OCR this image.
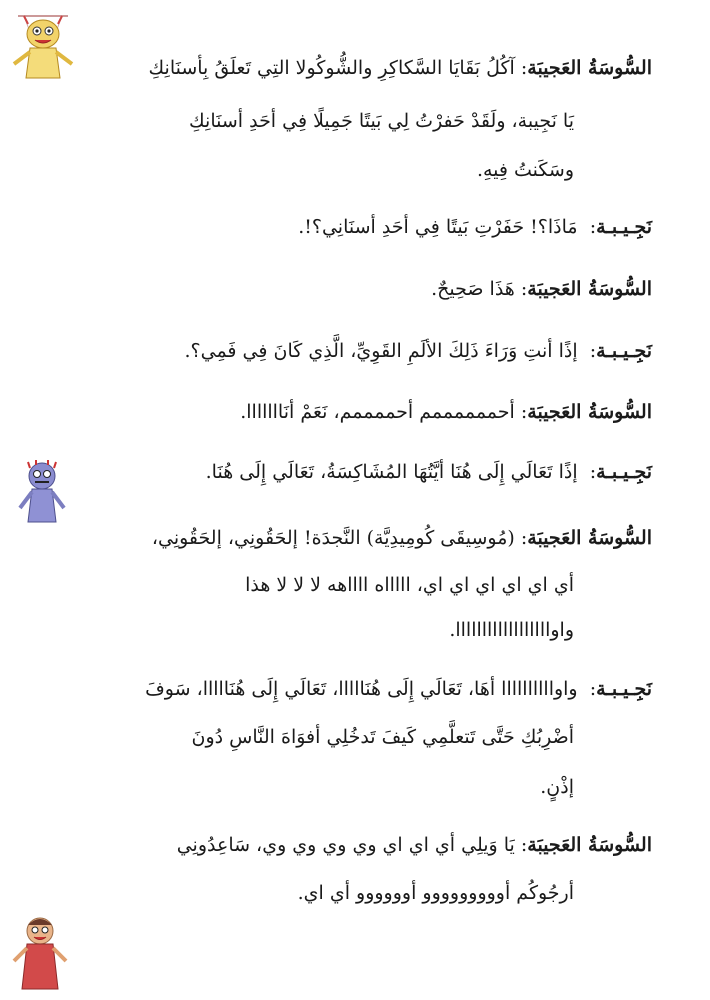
السُّوسَةُ العَجيبَة: آكُلُ بَقَايَا السَّكاكِرِ والشُّوكُولا التِي تَعلَقُ بِأسنَانِكِ
يَا نَجِيبة، ولَقَدْ حَفرْتُ لِي بَيتًا جَمِيلًا فِي أحَدِ أسنَانِكِ
وسَكَنتُ فِيهِ.
نَجِـيـبـة:  مَاذَا؟! حَفَرْتِ بَيتًا فِي أحَدِ أسنَانِي؟!.
السُّوسَةُ العَجيبَة: هَذَا صَحِيحٌ.
نَجِـيـبـة:  إذًا أنتِ وَرَاءَ ذَلِكَ الألَمِ القَوِيِّ، الَّذِي كَانَ فِي فَمِي؟.
السُّوسَةُ العَجيبَة: أحممممممم أحممممم، نَعَمْ أنَااااااا.
نَجِـيـبـة:  إذًا تَعَالَي إِلَى هُنَا أيَّتُهَا المُشَاكِسَةُ، تَعَالَي إِلَى هُنَا.
السُّوسَةُ العَجيبَة: (مُوسِيقَى كُومِيدِيَّة) النَّجدَة! إلحَقُونِي، إلحَقُونِي،
أي اي اي اي اي اي، اااااه ااااهه لا لا لا هذا
واواااااااااااااااااا.
نَجِـيـبـة:  واواااااااااا أهَا، تَعَالَي إِلَى هُنَااااا، تَعَالَي إِلَى هُنَااااا، سَوفَ
أضْرِبُكِ حَتَّى تَتعلَّمِي كَيفَ تَدخُلِي أفوَاهَ النَّاسِ دُونَ
إذْنٍ.
السُّوسَةُ العَجيبَة: يَا وَيلِي أي اي اي وي وي وي وي، سَاعِدُونِي
أرجُوكُم أووووووووو أوووووو أي اي.
